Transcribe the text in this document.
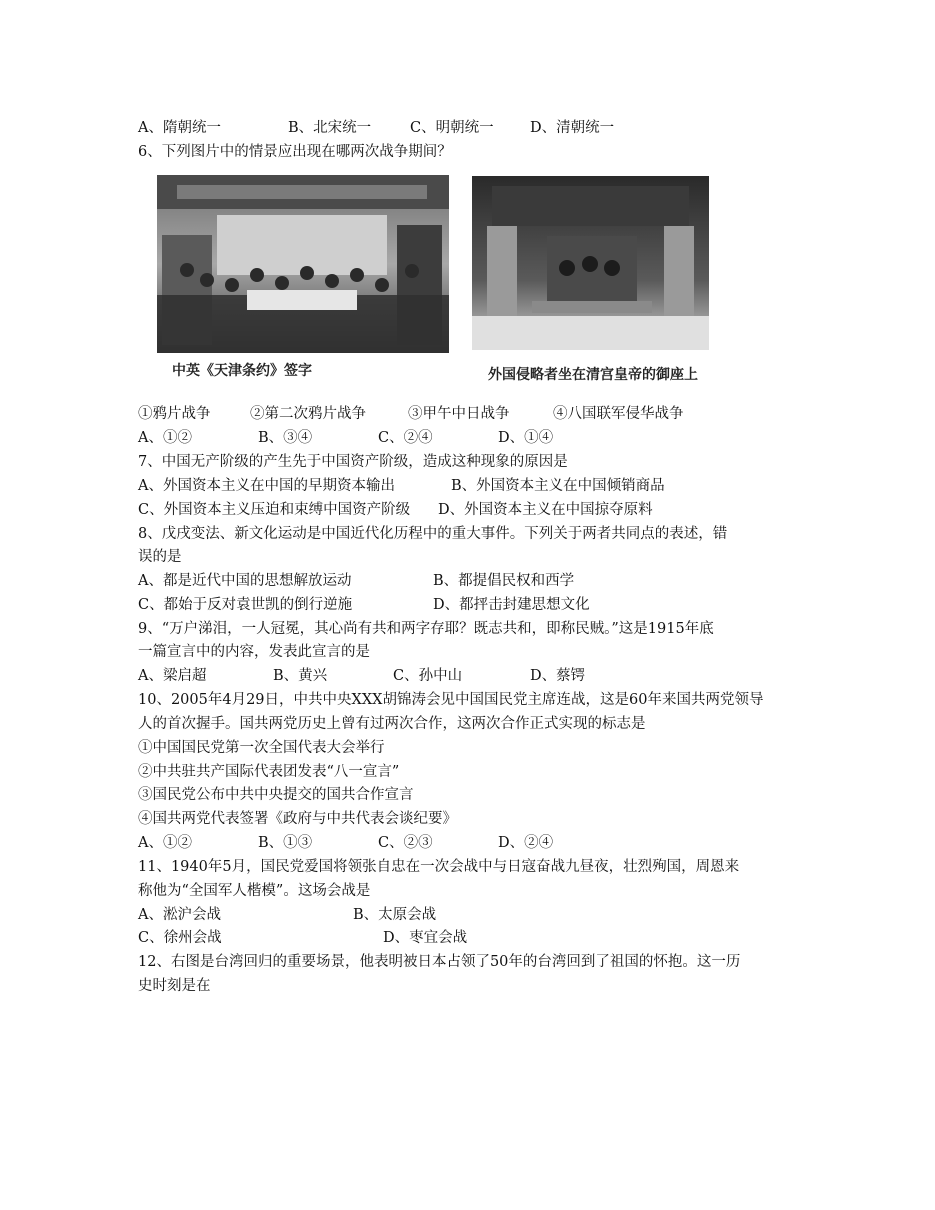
A、隋朝统一	B、北宋统一	C、明朝统一	D、清朝统一
6、下列图片中的情景应出现在哪两次战争期间？
中英《天津条约》签字	外国侵略者坐在清宫皇帝的御座上
①鸦片战争	②第二次鸦片战争	③甲午中日战争	④八国联军侵华战争
A、①②	B、③④	C、②④	D、①④
7、中国无产阶级的产生先于中国资产阶级，造成这种现象的原因是
A、外国资本主义在中国的早期资本输出	B、外国资本主义在中国倾销商品
C、外国资本主义压迫和束缚中国资产阶级 D、外国资本主义在中国掠夺原料
8、戊戌变法、新文化运动是中国近代化历程中的重大事件。下列关于两者共同点的表述，错
误的是
A、都是近代中国的思想解放运动	B、都提倡民权和西学
C、都始于反对袁世凯的倒行逆施	D、都抨击封建思想文化
9、“万户涕泪，一人冠冕，其心尚有共和两字存耶？既志共和，即称民贼。”这是1915年底
一篇宣言中的内容，发表此宣言的是
A、梁启超	B、黄兴	C、孙中山	D、蔡锷
10、2005年4月29日，中共中央XXX胡锦涛会见中国国民党主席连战，这是60年来国共两党领导
人的首次握手。国共两党历史上曾有过两次合作，这两次合作正式实现的标志是
①中国国民党第一次全国代表大会举行
②中共驻共产国际代表团发表“八一宣言”
③国民党公布中共中央提交的国共合作宣言
④国共两党代表签署《政府与中共代表会谈纪要》
A、①②	B、①③	C、②③	D、②④
11、1940年5月，国民党爱国将领张自忠在一次会战中与日寇奋战九昼夜，壮烈殉国，周恩来
称他为“全国军人楷模”。这场会战是
A、淞沪会战	B、太原会战
C、徐州会战	D、枣宜会战
12、右图是台湾回归的重要场景，他表明被日本占领了50年的台湾回到了祖国的怀抱。这一历
史时刻是在
